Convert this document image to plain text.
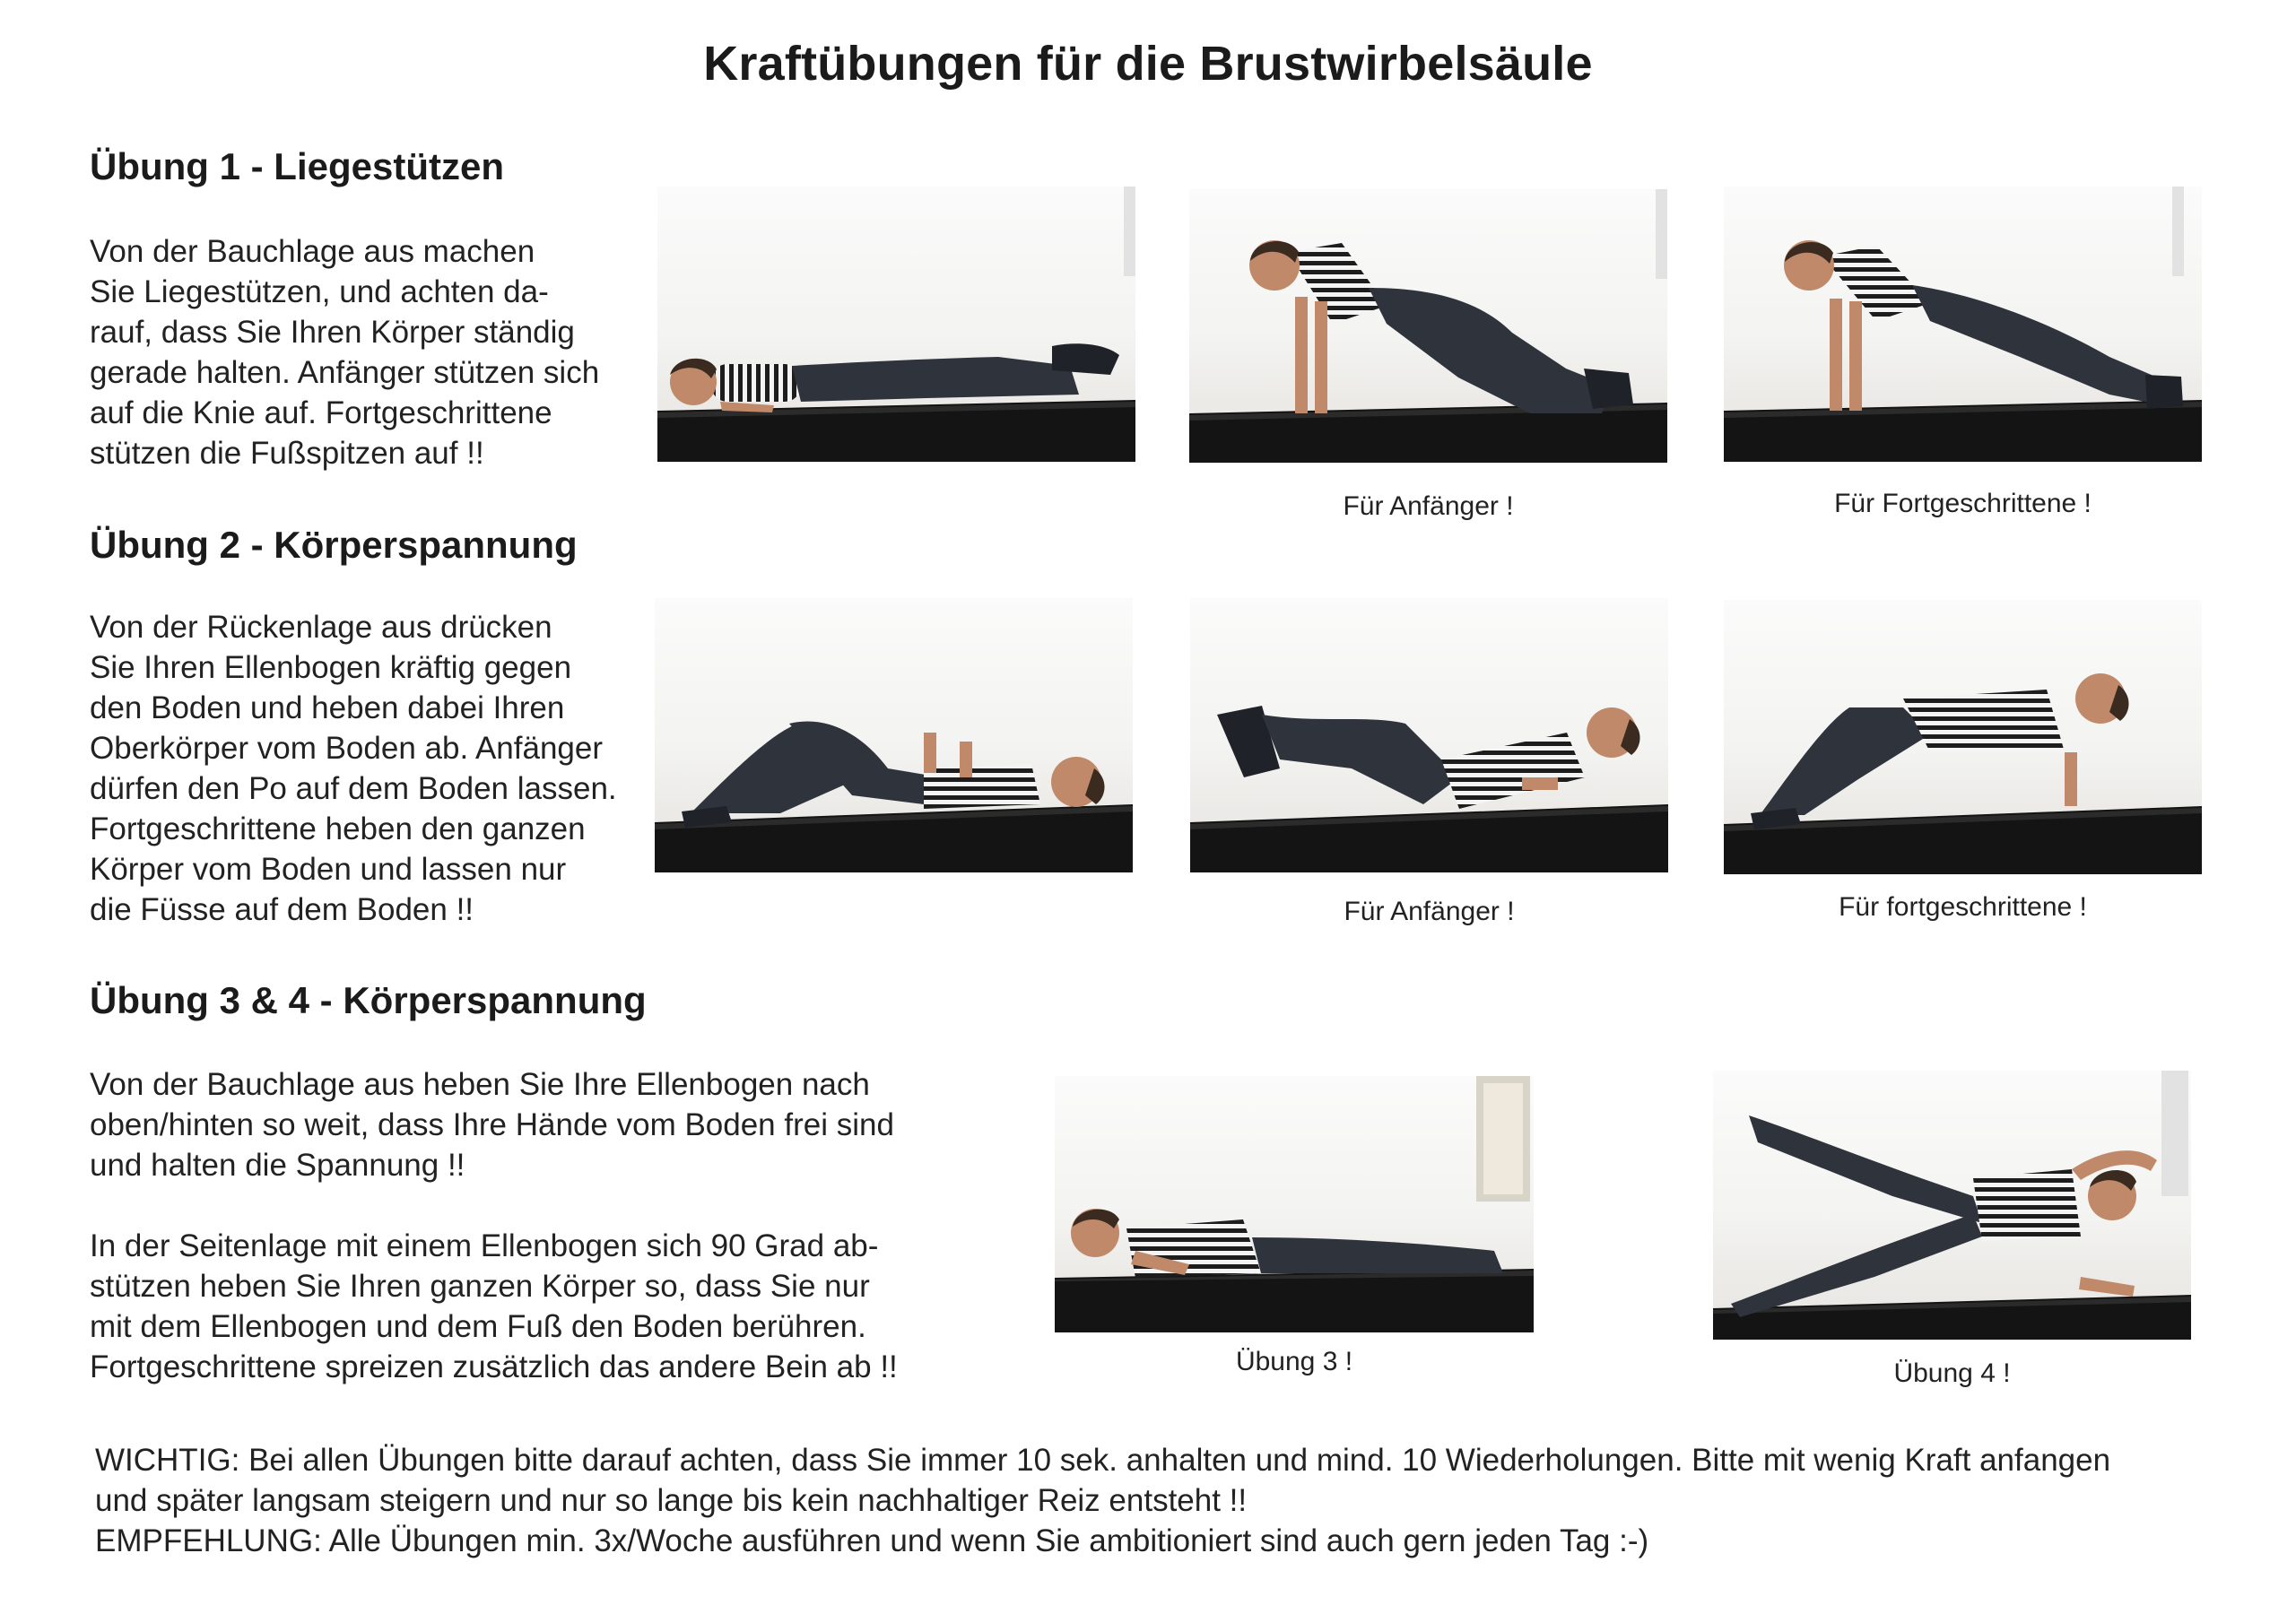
Kraftübungen für die Brustwirbelsäule
Übung 1 - Liegestützen

Von der Bauchlage aus machen

Sie Liegestützen, und achten da-

rauf, dass Sie Ihren Körper ständig

gerade halten. Anfänger stützen sich

auf die Knie auf. Fortgeschrittene

stützen die Fußspitzen auf !!

Für Anfänger !	Für Fortgeschrittene !
Übung 2 - Körperspannung

Von der Rückenlage aus drücken

Sie Ihren Ellenbogen kräftig gegen

den Boden und heben dabei Ihren

Oberkörper vom Boden ab. Anfänger

dürfen den Po auf dem Boden lassen.

Fortgeschrittene heben den ganzen

Körper vom Boden und lassen nur

die Füsse auf dem Boden !!	Für Anfänger !	Für fortgeschrittene !
Übung 3 & 4 - Körperspannung

Von der Bauchlage aus heben Sie Ihre Ellenbogen nach

oben/hinten so weit, dass Ihre Hände vom Boden frei sind

und halten die Spannung !!

In der Seitenlage mit einem Ellenbogen sich 90 Grad ab-

stützen heben Sie Ihren ganzen Körper so, dass Sie nur

mit dem Ellenbogen und dem Fuß den Boden berühren.

Fortgeschrittene spreizen zusätzlich das andere Bein ab !!	Übung 3 !	Übung 4 !

WICHTIG: Bei allen Übungen bitte darauf achten, dass Sie immer 10 sek. anhalten und mind. 10 Wiederholungen. Bitte mit wenig Kraft anfangen

und später langsam steigern und nur so lange bis kein nachhaltiger Reiz entsteht !!

EMPFEHLUNG: Alle Übungen min. 3x/Woche ausführen und wenn Sie ambitioniert sind auch gern jeden Tag :-)
